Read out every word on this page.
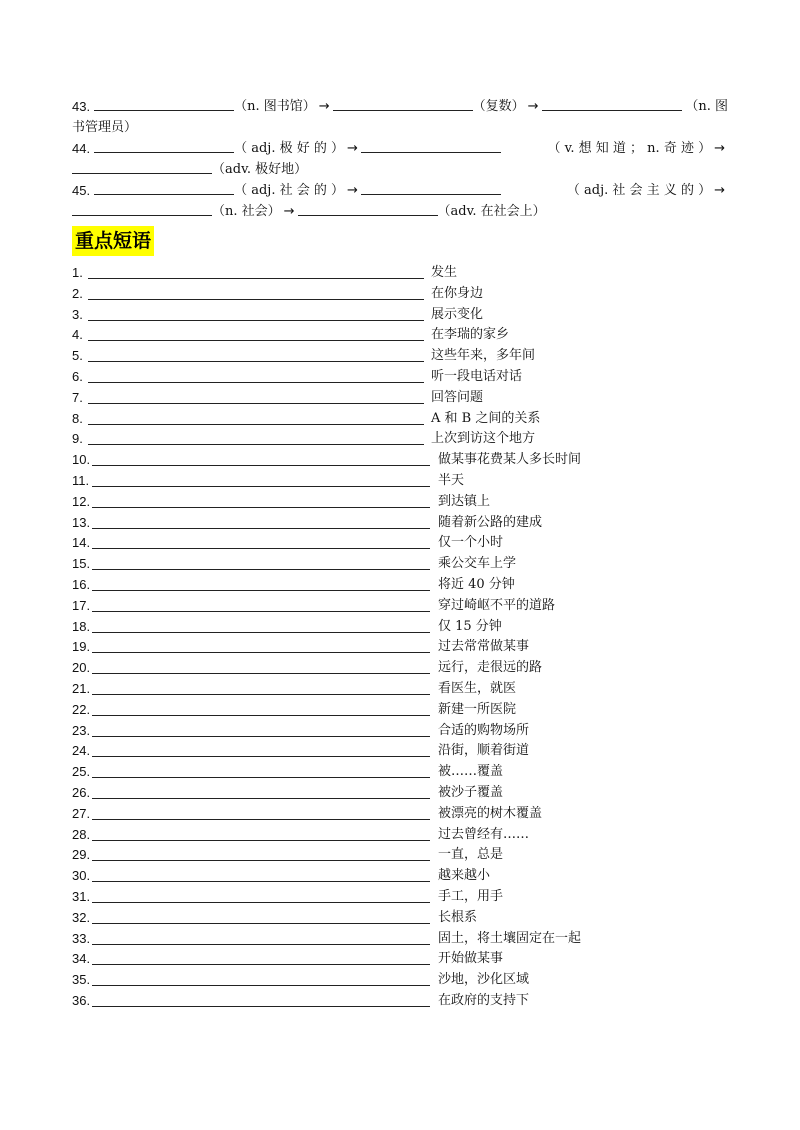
43.	（n. 图书馆） →	（复数） →	（n. 图
书管理员）
44.	（ adj. 极 好 的 ） →	（ v. 想 知 道 ； n. 奇 迹 ） →
（adv. 极好地）
45.	（ adj. 社 会 的 ） →	（ adj. 社 会 主 义 的 ） →
（n. 社会） →	（adv. 在社会上）
重点短语
1.	发生
2.	在你身边
3.	展示变化
4.	在李瑞的家乡
5.	这些年来，多年间
6.	听一段电话对话
7.	回答问题
8.	A 和 B 之间的关系
9.	上次到访这个地方
10.	做某事花费某人多长时间
11.	半天
12.	到达镇上
13.	随着新公路的建成
14.	仅一个小时
15.	乘公交车上学
16.	将近 40 分钟
17.	穿过崎岖不平的道路
18.	仅 15 分钟
19.	过去常常做某事
20.	远行，走很远的路
21.	看医生，就医
22.	新建一所医院
23.	合适的购物场所
24.	沿街，顺着街道
25.	被……覆盖
26.	被沙子覆盖
27.	被漂亮的树木覆盖
28.	过去曾经有……
29.	一直，总是
30.	越来越小
31.	手工，用手
32.	长根系
33.	固土，将土壤固定在一起
34.	开始做某事
35.	沙地，沙化区域
36.	在政府的支持下
